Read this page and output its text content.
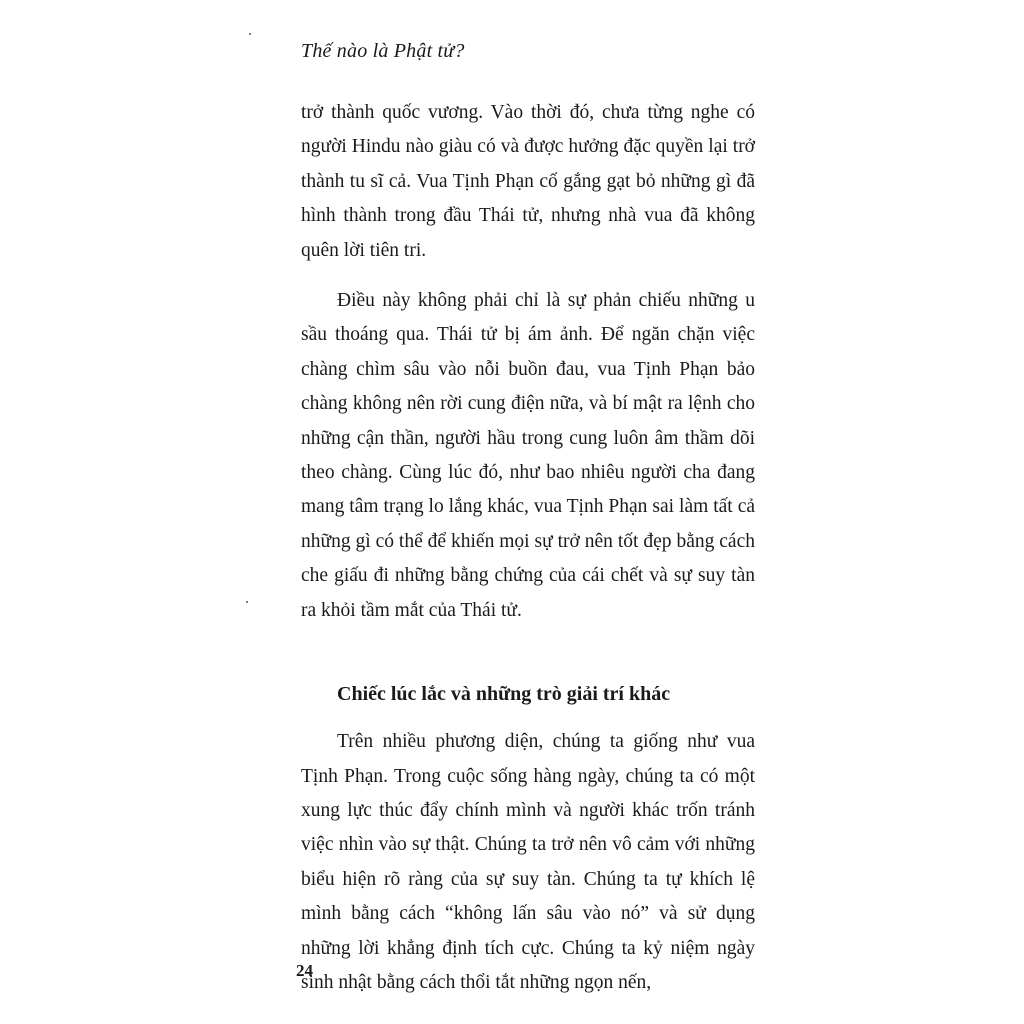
Thế nào là Phật tử?

trở thành quốc vương. Vào thời đó, chưa từng nghe có người Hindu nào giàu có và được hưởng đặc quyền lại trở thành tu sĩ cả. Vua Tịnh Phạn cố gắng gạt bỏ những gì đã hình thành trong đầu Thái tử, nhưng nhà vua đã không quên lời tiên tri.

Điều này không phải chỉ là sự phản chiếu những u sầu thoáng qua. Thái tử bị ám ảnh. Để ngăn chặn việc chàng chìm sâu vào nỗi buồn đau, vua Tịnh Phạn bảo chàng không nên rời cung điện nữa, và bí mật ra lệnh cho những cận thần, người hầu trong cung luôn âm thầm dõi theo chàng. Cùng lúc đó, như bao nhiêu người cha đang mang tâm trạng lo lắng khác, vua Tịnh Phạn sai làm tất cả những gì có thể để khiến mọi sự trở nên tốt đẹp bằng cách che giấu đi những bằng chứng của cái chết và sự suy tàn ra khỏi tầm mắt của Thái tử.

Chiếc lúc lắc và những trò giải trí khác

Trên nhiều phương diện, chúng ta giống như vua Tịnh Phạn. Trong cuộc sống hàng ngày, chúng ta có một xung lực thúc đẩy chính mình và người khác trốn tránh việc nhìn vào sự thật. Chúng ta trở nên vô cảm với những biểu hiện rõ ràng của sự suy tàn. Chúng ta tự khích lệ mình bằng cách “không lấn sâu vào nó” và sử dụng những lời khẳng định tích cực. Chúng ta kỷ niệm ngày sinh nhật bằng cách thổi tắt những ngọn nến,

24
